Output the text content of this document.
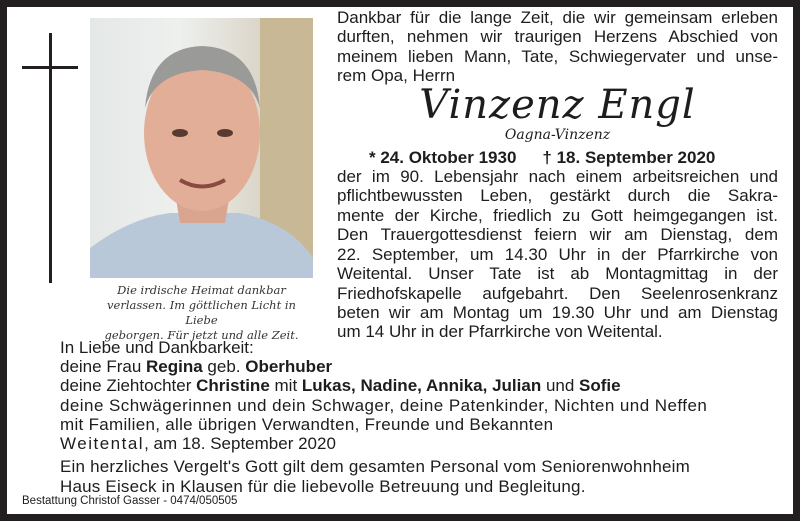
Die irdische Heimat dankbar
verlassen. Im göttlichen Licht in Liebe
geborgen. Für jetzt und alle Zeit.
Dankbar für die lange Zeit, die wir gemeinsam erleben
durften, nehmen wir traurigen Herzens Abschied von
meinem lieben Mann, Tate, Schwiegervater und unse-
rem Opa, Herrn
Vinzenz Engl
Oagna-Vinzenz
* 24. Oktober 1930 † 18. September 2020
der im 90. Lebensjahr nach einem arbeitsreichen und
pflichtbewussten Leben, gestärkt durch die Sakra-
mente der Kirche, friedlich zu Gott heimgegangen ist.
Den Trauergottesdienst feiern wir am Dienstag, dem
22. September, um 14.30 Uhr in der Pfarrkirche von
Weitental. Unser Tate ist ab Montagmittag in der
Friedhofskapelle aufgebahrt. Den Seelenrosenkranz
beten wir am Montag um 19.30 Uhr und am Dienstag
um 14 Uhr in der Pfarrkirche von Weitental.
In Liebe und Dankbarkeit:
deine Frau Regina geb. Oberhuber
deine Ziehtochter Christine mit Lukas, Nadine, Annika, Julian und Sofie
deine Schwägerinnen und dein Schwager, deine Patenkinder, Nichten und Neffen
mit Familien, alle übrigen Verwandten, Freunde und Bekannten
Weitental, am 18. September 2020
Ein herzliches Vergelt's Gott gilt dem gesamten Personal vom Seniorenwohnheim
Haus Eiseck in Klausen für die liebevolle Betreuung und Begleitung.
Bestattung Christof Gasser - 0474/050505
